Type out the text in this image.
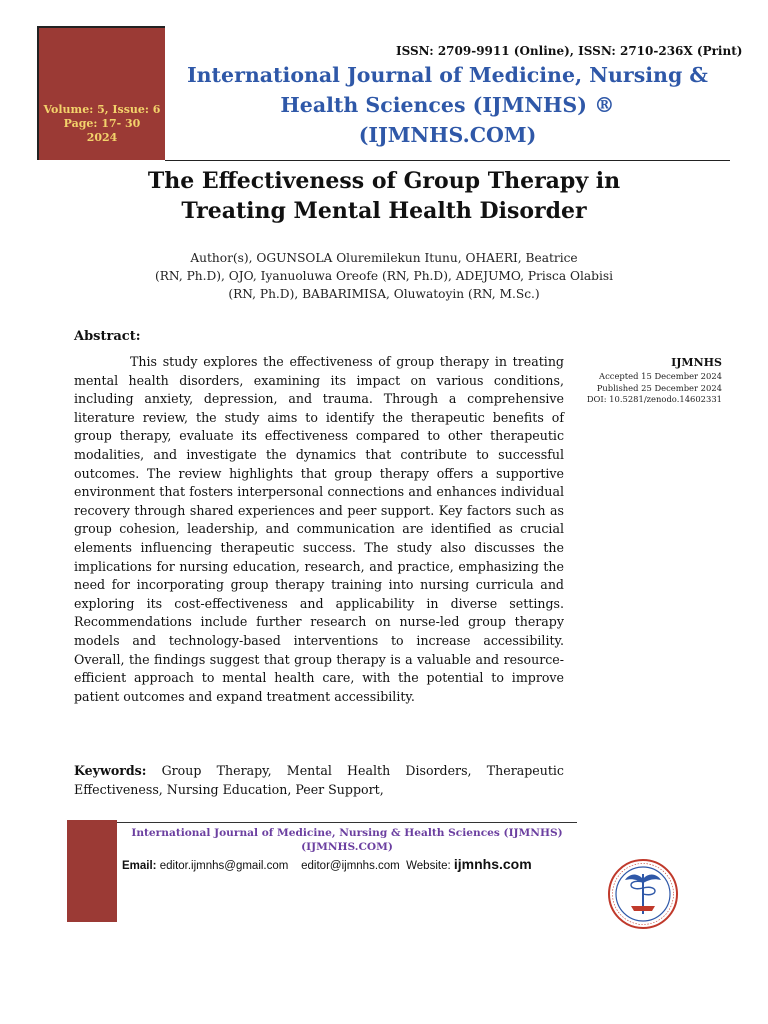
Volume: 5, Issue: 6
Page: 17- 30
2024
ISSN: 2709-9911 (Online), ISSN: 2710-236X (Print)
International Journal of Medicine, Nursing &
Health Sciences (IJMNHS) ®
(IJMNHS.COM)
The Effectiveness of Group Therapy in
Treating Mental Health Disorder
Author(s), OGUNSOLA Oluremilekun Itunu, OHAERI, Beatrice
(RN, Ph.D), OJO, Iyanuoluwa Oreofe (RN, Ph.D), ADEJUMO, Prisca Olabisi
(RN, Ph.D), BABARIMISA, Oluwatoyin (RN, M.Sc.)
Abstract:

This study explores the effectiveness of group therapy in treating mental health disorders, examining its impact on various conditions, including anxiety, depression, and trauma. Through a comprehensive literature review, the study aims to identify the therapeutic benefits of group therapy, evaluate its effectiveness compared to other therapeutic modalities, and investigate the dynamics that contribute to successful outcomes. The review highlights that group therapy offers a supportive environment that fosters interpersonal connections and enhances individual recovery through shared experiences and peer support. Key factors such as group cohesion, leadership, and communication are identified as crucial elements influencing therapeutic success. The study also discusses the implications for nursing education, research, and practice, emphasizing the need for incorporating group therapy training into nursing curricula and exploring its cost-effectiveness and applicability in diverse settings. Recommendations include further research on nurse-led group therapy models and technology-based interventions to increase accessibility. Overall, the findings suggest that group therapy is a valuable and resource-efficient approach to mental health care, with the potential to improve patient outcomes and expand treatment accessibility.

IJMNHS
Accepted 15 December 2024
Published 25 December 2024
DOI: 10.5281/zenodo.14602331
Keywords: Group Therapy, Mental Health Disorders, Therapeutic Effectiveness, Nursing Education, Peer Support,
International Journal of Medicine, Nursing & Health Sciences (IJMNHS)
(IJMNHS.COM)
Email: editor.ijmnhs@gmail.com editor@ijmnhs.com Website: ijmnhs.com
